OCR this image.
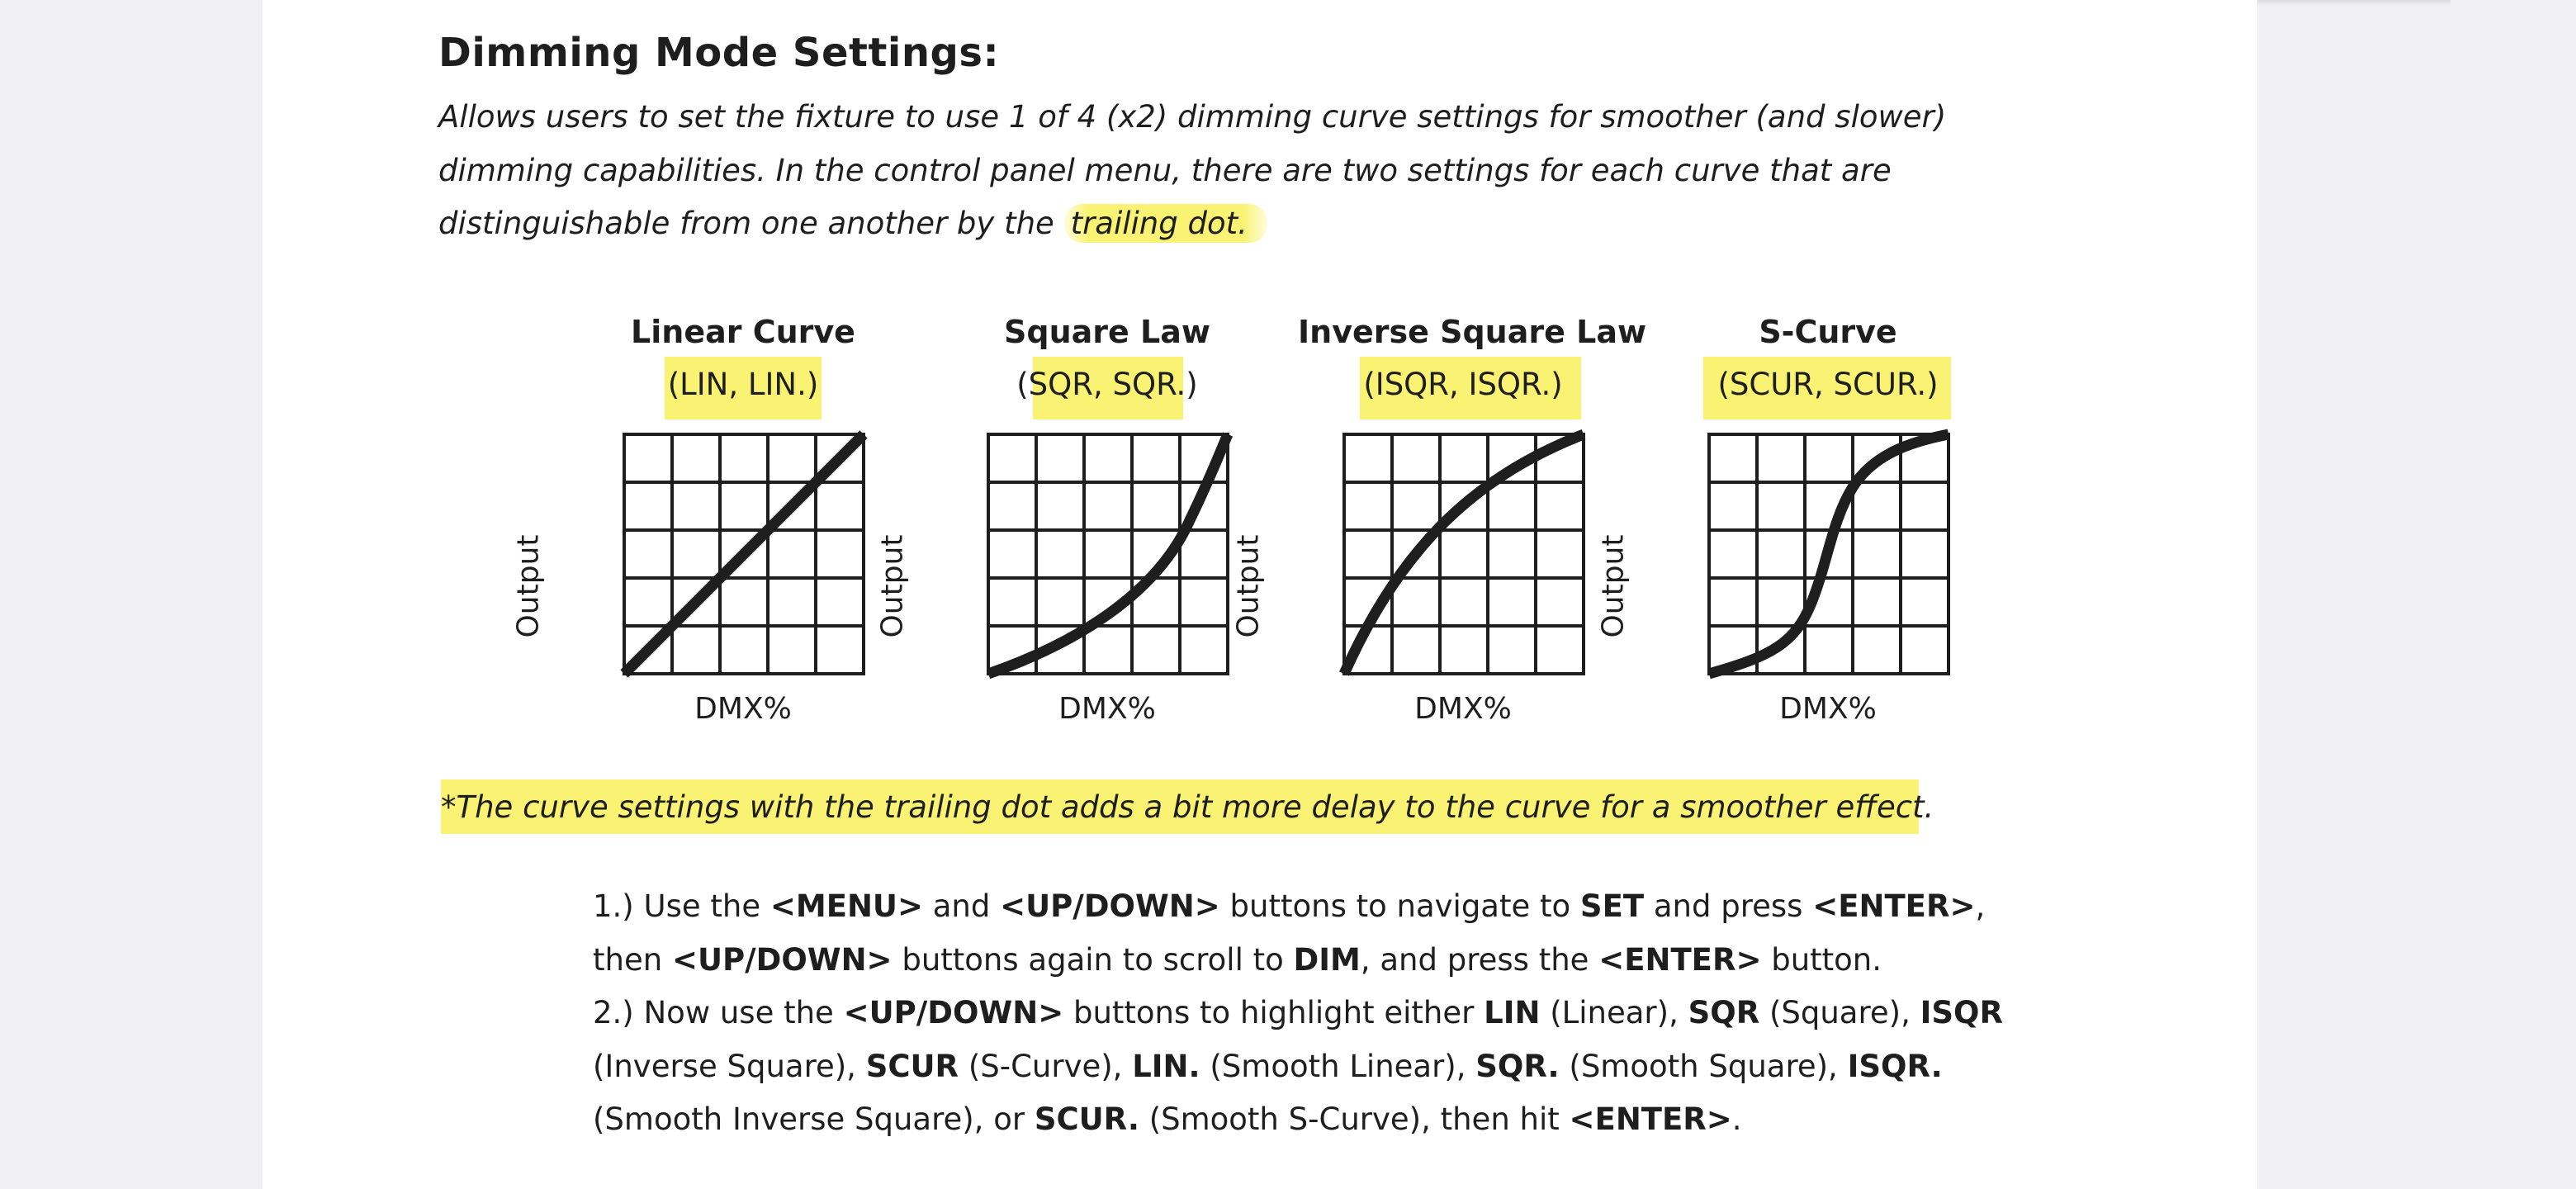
Dimming Mode Settings:

Allows users to set the fixture to use 1 of 4 (x2) dimming curve settings for smoother (and slower) dimming capabilities. In the control panel menu, there are two settings for each curve that are distinguishable from one another by the trailing dot.

Linear Curve
(LIN, LIN.)
Output
DMX%
Square Law
(SQR, SQR.)
Output
DMX%
Inverse Square Law
(ISQR, ISQR.)
Output
DMX%
S-Curve
(SCUR, SCUR.)
Output
DMX%

*The curve settings with the trailing dot adds a bit more delay to the curve for a smoother effect.

1.) Use the <MENU> and <UP/DOWN> buttons to navigate to SET and press <ENTER>,
then <UP/DOWN> buttons again to scroll to DIM, and press the <ENTER> button.
2.) Now use the <UP/DOWN> buttons to highlight either LIN (Linear), SQR (Square), ISQR
(Inverse Square), SCUR (S-Curve), LIN. (Smooth Linear), SQR. (Smooth Square), ISQR.
(Smooth Inverse Square), or SCUR. (Smooth S-Curve), then hit <ENTER>.
